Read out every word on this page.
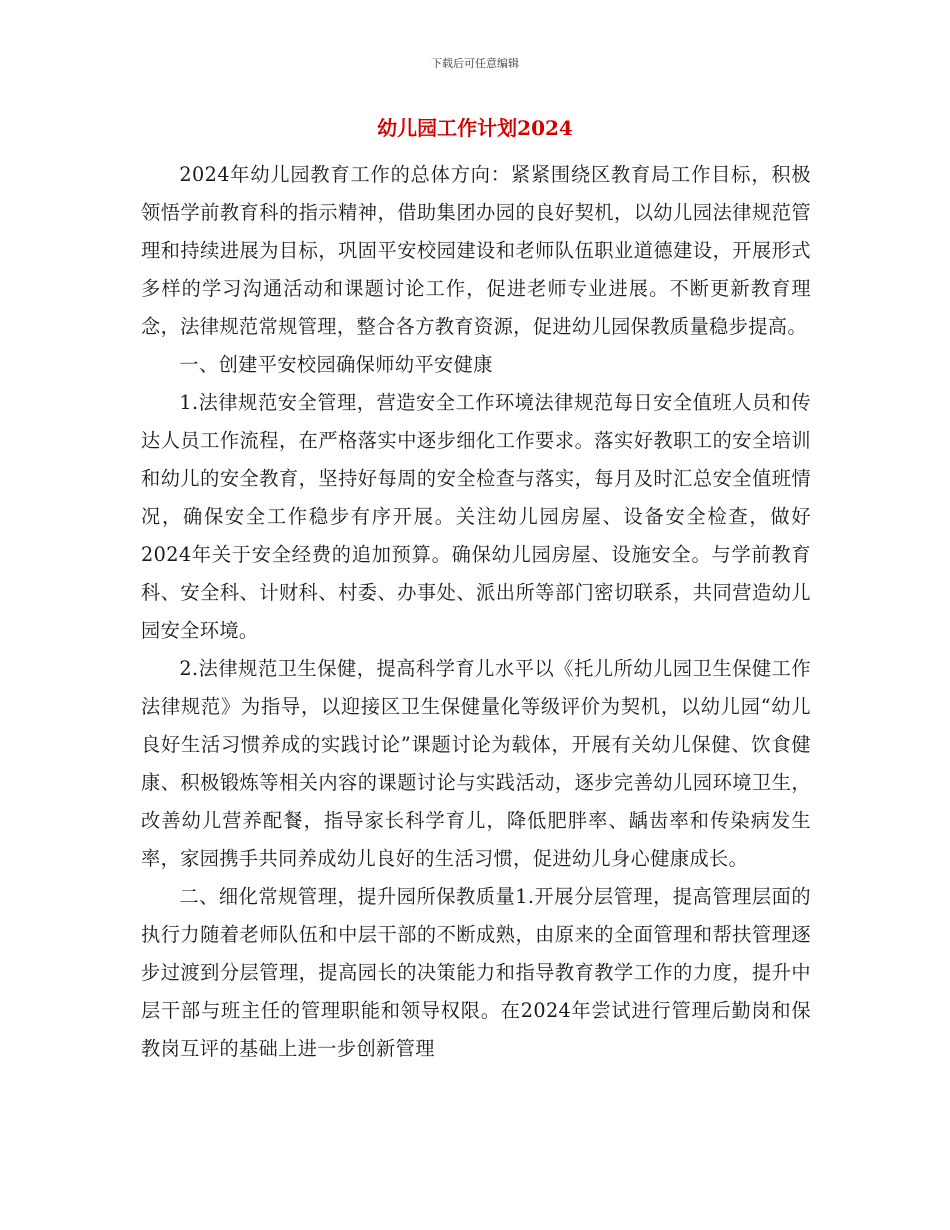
下载后可任意编辑
幼儿园工作计划2024

2024年幼儿园教育工作的总体方向：紧紧围绕区教育局工作目标，积极领悟学前教育科的指示精神，借助集团办园的良好契机，以幼儿园法律规范管理和持续进展为目标，巩固平安校园建设和老师队伍职业道德建设，开展形式多样的学习沟通活动和课题讨论工作，促进老师专业进展。不断更新教育理念，法律规范常规管理，整合各方教育资源，促进幼儿园保教质量稳步提高。

一、创建平安校园确保师幼平安健康

1.法律规范安全管理，营造安全工作环境法律规范每日安全值班人员和传达人员工作流程，在严格落实中逐步细化工作要求。落实好教职工的安全培训和幼儿的安全教育，坚持好每周的安全检查与落实，每月及时汇总安全值班情况，确保安全工作稳步有序开展。关注幼儿园房屋、设备安全检查，做好2024年关于安全经费的追加预算。确保幼儿园房屋、设施安全。与学前教育科、安全科、计财科、村委、办事处、派出所等部门密切联系，共同营造幼儿园安全环境。

2.法律规范卫生保健，提高科学育儿水平以《托儿所幼儿园卫生保健工作法律规范》为指导，以迎接区卫生保健量化等级评价为契机，以幼儿园“幼儿良好生活习惯养成的实践讨论”课题讨论为载体，开展有关幼儿保健、饮食健康、积极锻炼等相关内容的课题讨论与实践活动，逐步完善幼儿园环境卫生，改善幼儿营养配餐，指导家长科学育儿，降低肥胖率、龋齿率和传染病发生率，家园携手共同养成幼儿良好的生活习惯，促进幼儿身心健康成长。

二、细化常规管理，提升园所保教质量1.开展分层管理，提高管理层面的执行力随着老师队伍和中层干部的不断成熟，由原来的全面管理和帮扶管理逐步过渡到分层管理，提高园长的决策能力和指导教育教学工作的力度，提升中层干部与班主任的管理职能和领导权限。在2024年尝试进行管理后勤岗和保教岗互评的基础上进一步创新管理
